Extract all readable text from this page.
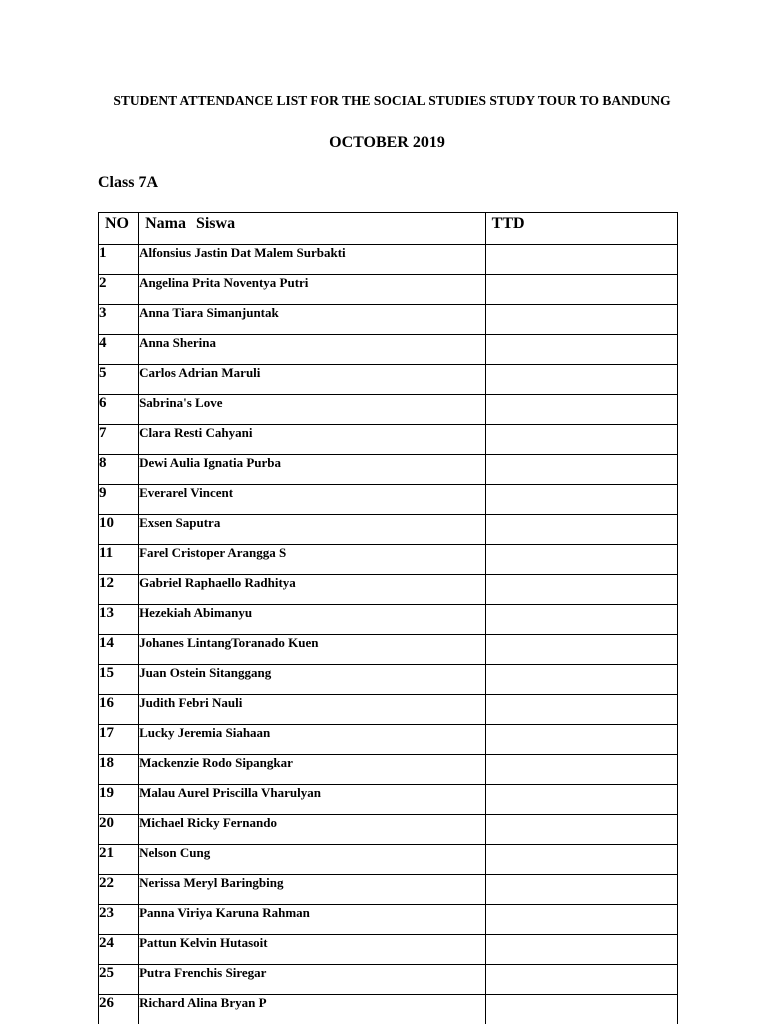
STUDENT ATTENDANCE LIST FOR THE SOCIAL STUDIES STUDY TOUR TO BANDUNG
OCTOBER 2019
Class 7A
NO	Nama Siswa	TTD
1	Alfonsius Jastin Dat Malem Surbakti	
2	Angelina Prita Noventya Putri	
3	Anna Tiara Simanjuntak	
4	Anna Sherina	
5	Carlos Adrian Maruli	
6	Sabrina's Love	
7	Clara Resti Cahyani	
8	Dewi Aulia Ignatia Purba	
9	Everarel Vincent	
10	Exsen Saputra	
11	Farel Cristoper Arangga S	
12	Gabriel Raphaello Radhitya	
13	Hezekiah Abimanyu	
14	Johanes LintangToranado Kuen	
15	Juan Ostein Sitanggang	
16	Judith Febri Nauli	
17	Lucky Jeremia Siahaan	
18	Mackenzie Rodo Sipangkar	
19	Malau Aurel Priscilla Vharulyan	
20	Michael Ricky Fernando	
21	Nelson Cung	
22	Nerissa Meryl Baringbing	
23	Panna Viriya Karuna Rahman	
24	Pattun Kelvin Hutasoit	
25	Putra Frenchis Siregar	
26	Richard Alina Bryan P	
